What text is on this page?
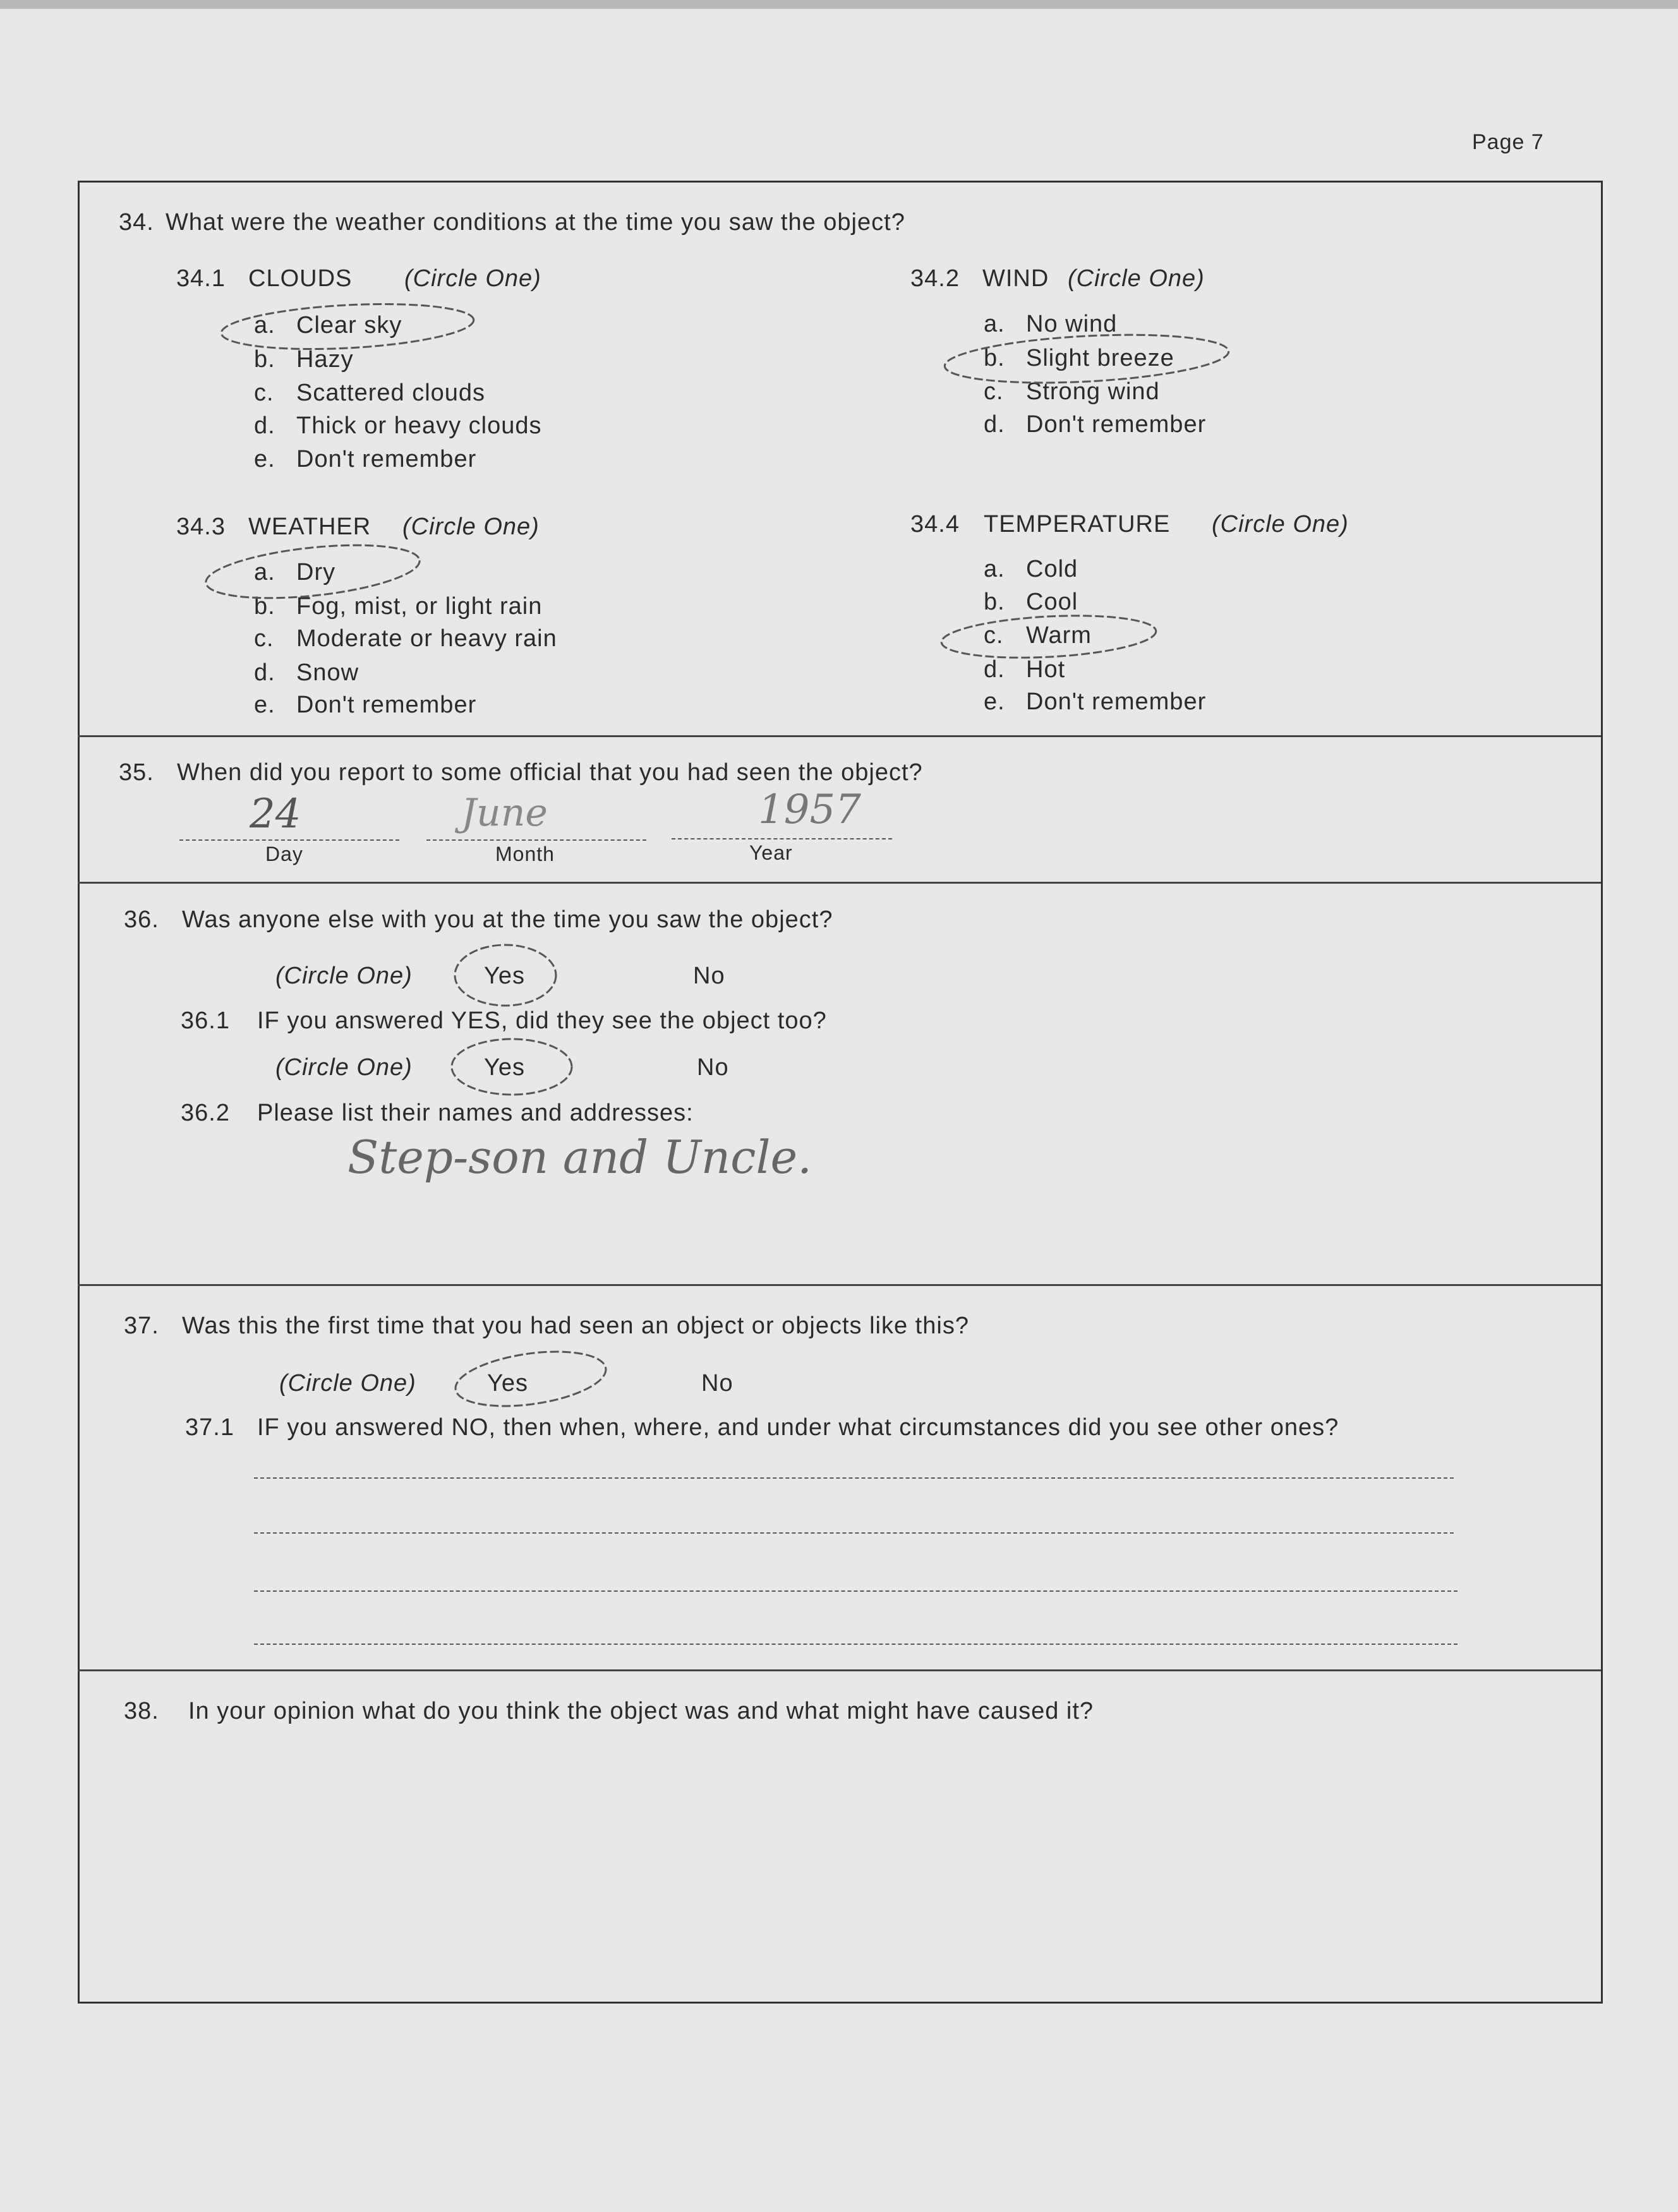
Page 7
34. What were the weather conditions at the time you saw the object?
34.1 CLOUDS (Circle One)	34.2 WIND (Circle One)
34.3 WEATHER (Circle One)	34.4 TEMPERATURE (Circle One)
a. Clear sky
b. Hazy
c. Scattered clouds
d. Thick or heavy clouds
e. Don't remember
a. No wind
b. Slight breeze
c. Strong wind
d. Don't remember
a. Dry
b. Fog, mist, or light rain
c. Moderate or heavy rain
d. Snow
e. Don't remember
a. Cold
b. Cool
c. Warm
d. Hot
e. Don't remember
35. When did you report to some official that you had seen the object?
24	June	1957
Day	Month	Year
36. Was anyone else with you at the time you saw the object?
(Circle One)	Yes	No
36.1 IF you answered YES, did they see the object too?
(Circle One)	Yes	No
36.2 Please list their names and addresses:
Step-son and Uncle.
37. Was this the first time that you had seen an object or objects like this?
(Circle One)	Yes	No
37.1 IF you answered NO, then when, where, and under what circumstances did you see other ones?
38. In your opinion what do you think the object was and what might have caused it?
